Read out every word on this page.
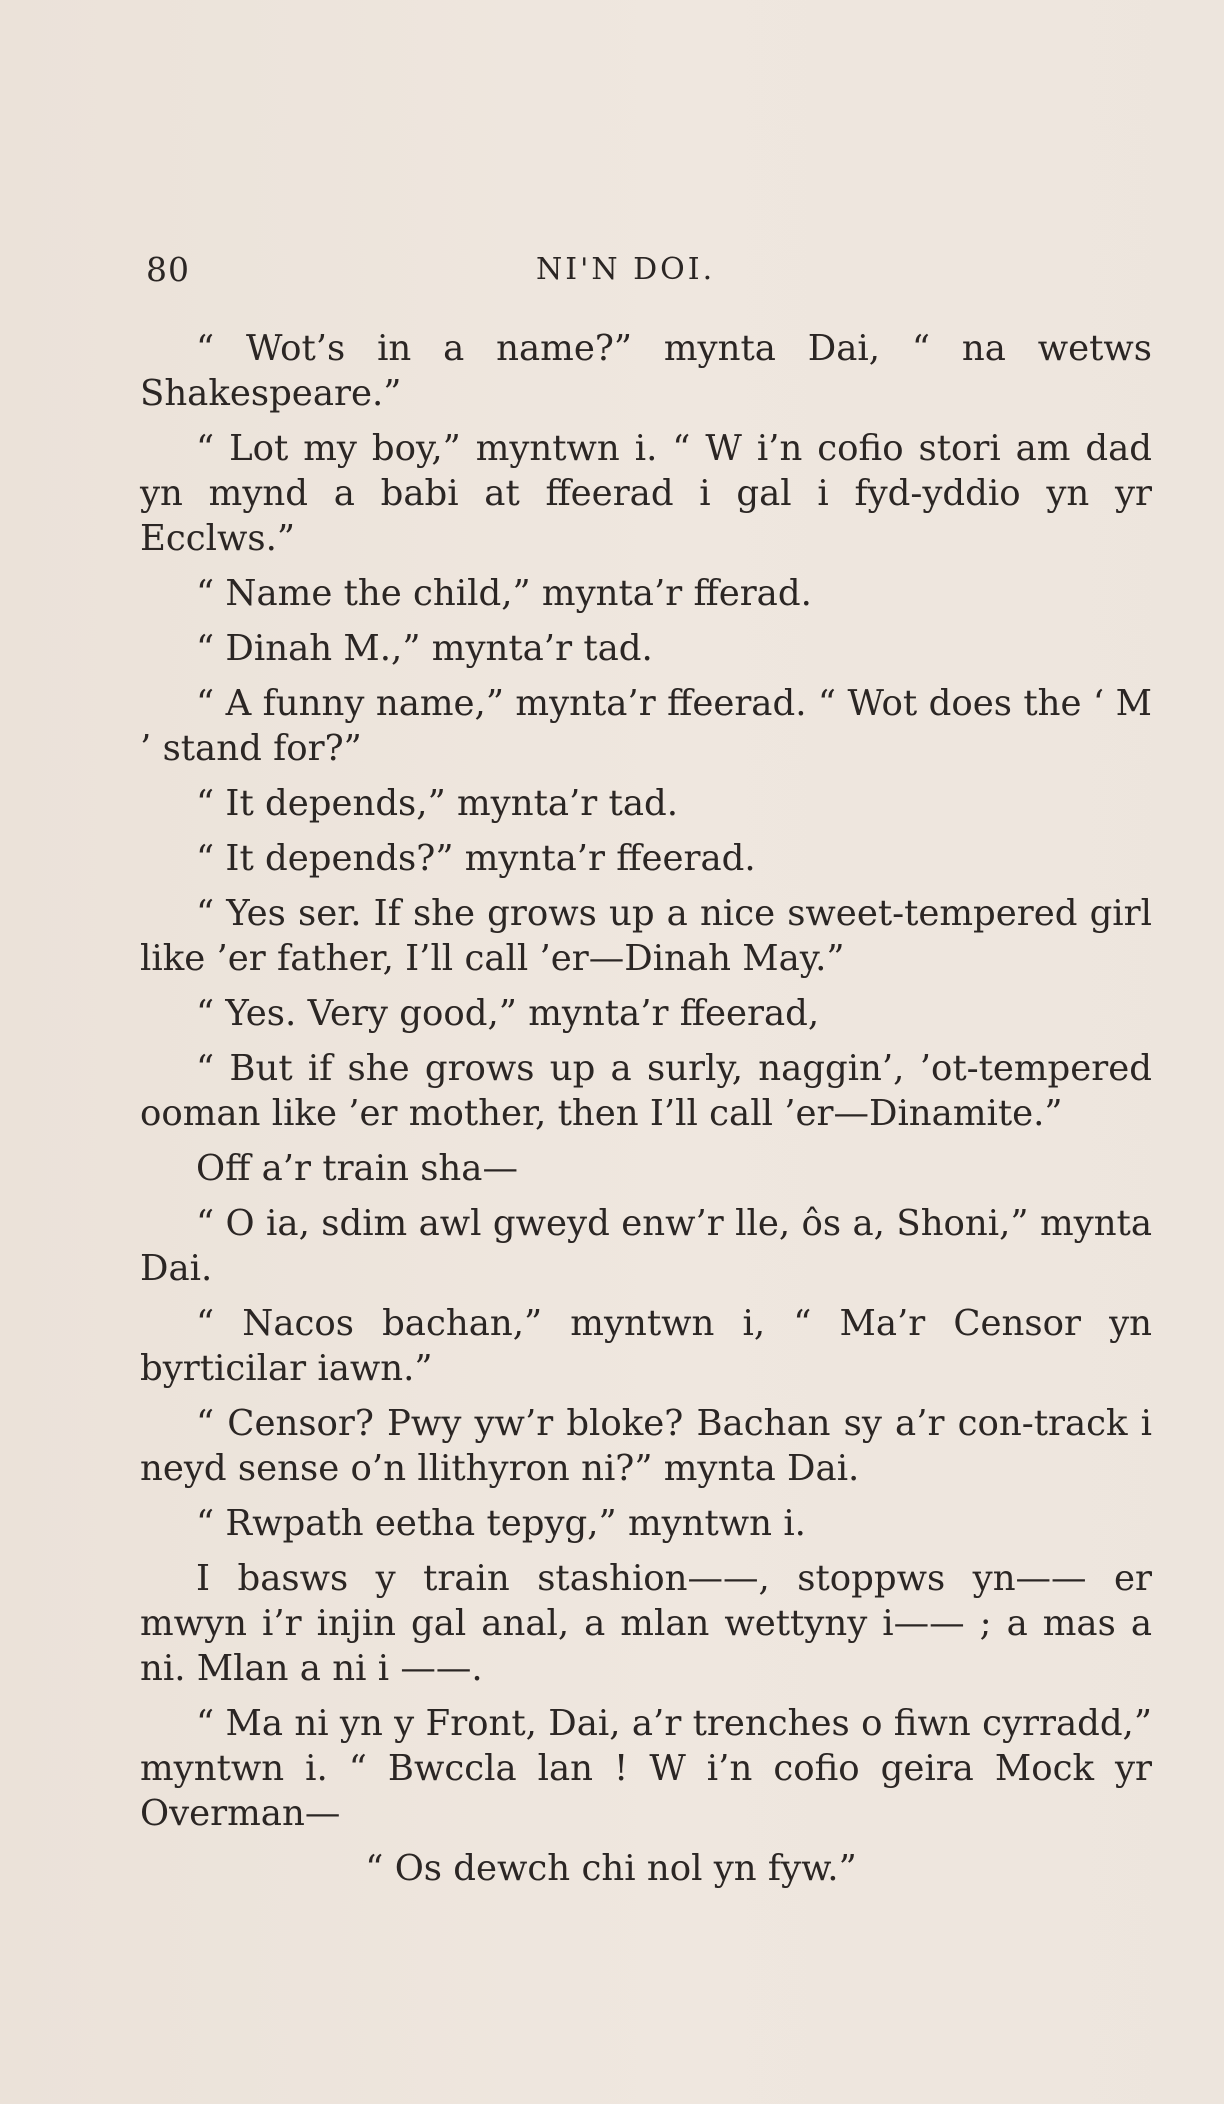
80	NI'N DOI.

“ Wot’s in a name?” mynta Dai, “ na wetws Shakespeare.”

“ Lot my boy,” myntwn i. “ W i’n cofio stori am dad yn mynd a babi at ffeerad i gal i fyd-yddio yn yr Ecclws.”

“ Name the child,” mynta’r fferad.

“ Dinah M.,” mynta’r tad.

“ A funny name,” mynta’r ffeerad. “ Wot does the ‘ M ’ stand for?”

“ It depends,” mynta’r tad.

“ It depends?” mynta’r ffeerad.

“ Yes ser. If she grows up a nice sweet-tempered girl like ’er father, I’ll call ’er—Dinah May.”

“ Yes. Very good,” mynta’r ffeerad,

“ But if she grows up a surly, naggin’, ’ot-tempered ooman like ’er mother, then I’ll call ’er—Dinamite.”

Off a’r train sha—

“ O ia, sdim awl gweyd enw’r lle, ôs a, Shoni,” mynta Dai.

“ Nacos bachan,” myntwn i, “ Ma’r Censor yn byrticilar iawn.”

“ Censor? Pwy yw’r bloke? Bachan sy a’r con-track i neyd sense o’n llithyron ni?” mynta Dai.

“ Rwpath eetha tepyg,” myntwn i.

I basws y train stashion——, stoppws yn—— er mwyn i’r injin gal anal, a mlan wettyny i—— ; a mas a ni. Mlan a ni i ——.

“ Ma ni yn y Front, Dai, a’r trenches o fiwn cyrradd,” myntwn i. “ Bwccla lan ! W i’n cofio geira Mock yr Overman—

“ Os dewch chi nol yn fyw.”
